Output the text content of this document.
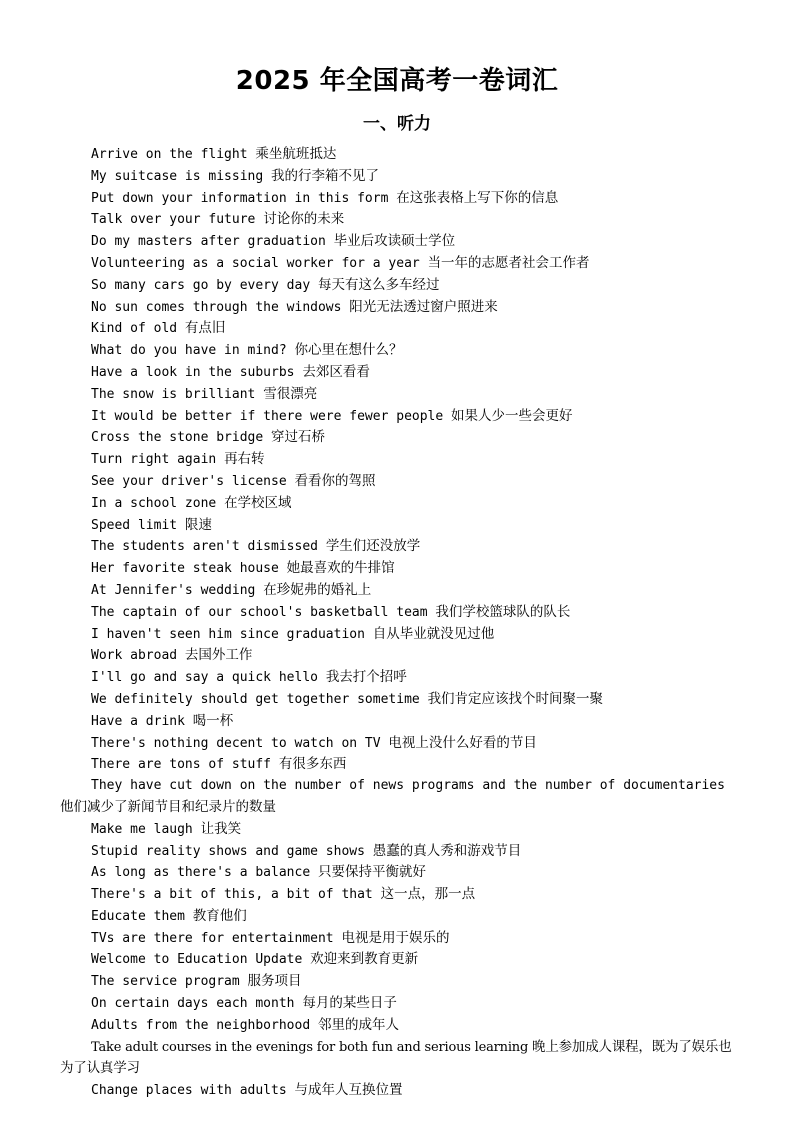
2025 年全国高考一卷词汇
一、听力
Arrive on the flight 乘坐航班抵达
My suitcase is missing 我的行李箱不见了
Put down your information in this form 在这张表格上写下你的信息
Talk over your future 讨论你的未来
Do my masters after graduation 毕业后攻读硕士学位
Volunteering as a social worker for a year 当一年的志愿者社会工作者
So many cars go by every day 每天有这么多车经过
No sun comes through the windows 阳光无法透过窗户照进来
Kind of old 有点旧
What do you have in mind? 你心里在想什么？
Have a look in the suburbs 去郊区看看
The snow is brilliant 雪很漂亮
It would be better if there were fewer people 如果人少一些会更好
Cross the stone bridge 穿过石桥
Turn right again 再右转
See your driver's license 看看你的驾照
In a school zone 在学校区域
Speed limit 限速
The students aren't dismissed 学生们还没放学
Her favorite steak house 她最喜欢的牛排馆
At Jennifer's wedding 在珍妮弗的婚礼上
The captain of our school's basketball team 我们学校篮球队的队长
I haven't seen him since graduation 自从毕业就没见过他
Work abroad 去国外工作
I'll go and say a quick hello 我去打个招呼
We definitely should get together sometime 我们肯定应该找个时间聚一聚
Have a drink 喝一杯
There's nothing decent to watch on TV 电视上没什么好看的节目
There are tons of stuff 有很多东西
They have cut down on the number of news programs and the number of documentaries 他们减少了新闻节目和纪录片的数量
Make me laugh 让我笑
Stupid reality shows and game shows 愚蠢的真人秀和游戏节目
As long as there's a balance 只要保持平衡就好
There's a bit of this, a bit of that 这一点，那一点
Educate them 教育他们
TVs are there for entertainment 电视是用于娱乐的
Welcome to Education Update 欢迎来到教育更新
The service program 服务项目
On certain days each month 每月的某些日子
Adults from the neighborhood 邻里的成年人
Take adult courses in the evenings for both fun and serious learning 晚上参加成人课程，既为了娱乐也为了认真学习
Change places with adults 与成年人互换位置
